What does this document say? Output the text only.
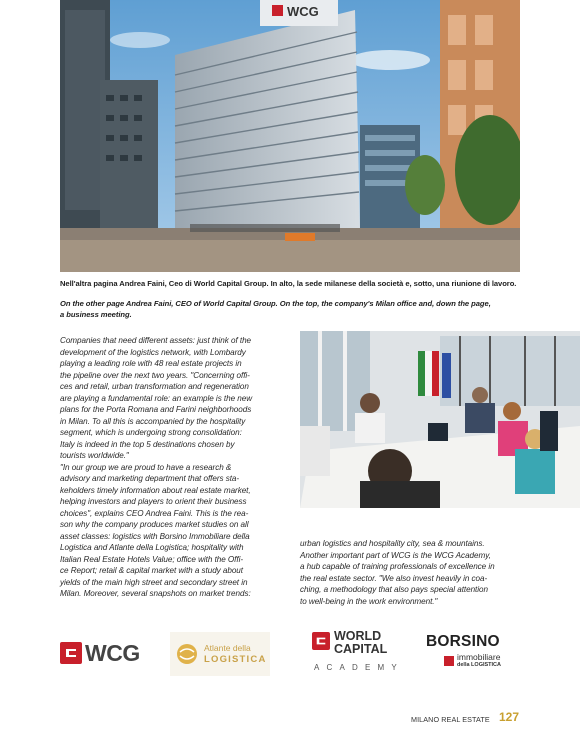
WCG
Nell'altra pagina Andrea Faini, Ceo di World Capital Group. In alto, la sede milanese della società e, sotto, una riunione di lavoro.
On the other page Andrea Faini, CEO of World Capital Group. On the top, the company's Milan office and, down the page,
a business meeting.
Companies that need different assets: just think of the
development of the logistics network, with Lombardy
playing a leading role with 48 real estate projects in
the pipeline over the next two years. "Concerning offi-
ces and retail, urban transformation and regeneration
are playing a fundamental role: an example is the new
plans for the Porta Romana and Farini neighborhoods
in Milan. To all this is accompanied by the hospitality
segment, which is undergoing strong consolidation:
Italy is indeed in the top 5 destinations chosen by
tourists worldwide."
"In our group we are proud to have a research &
advisory and marketing department that offers sta-
keholders timely information about real estate market,
helping investors and players to orient their business
choices", explains CEO Andrea Faini. This is the rea-
son why the company produces market studies on all
asset classes: logistics with Borsino Immobiliare della
Logistica and Atlante della Logistica; hospitality with
Italian Real Estate Hotels Value; office with the Offi-
ce Report; retail & capital market with a study about
yields of the main high street and secondary street in
Milan. Moreover, several snapshots on market trends:
urban logistics and hospitality city, sea & mountains.
Another important part of WCG is the WCG Academy,
a hub capable of training professionals of excellence in
the real estate sector. "We also invest heavily in coa-
ching, a methodology that also pays special attention
to well-being in the work environment."
WCG	Atlante della
LOGISTICA
WORLD
CAPITAL
ACADEMY
BORSINO
immobiliare
della LOGISTICA
MILANO REAL ESTATE 127
